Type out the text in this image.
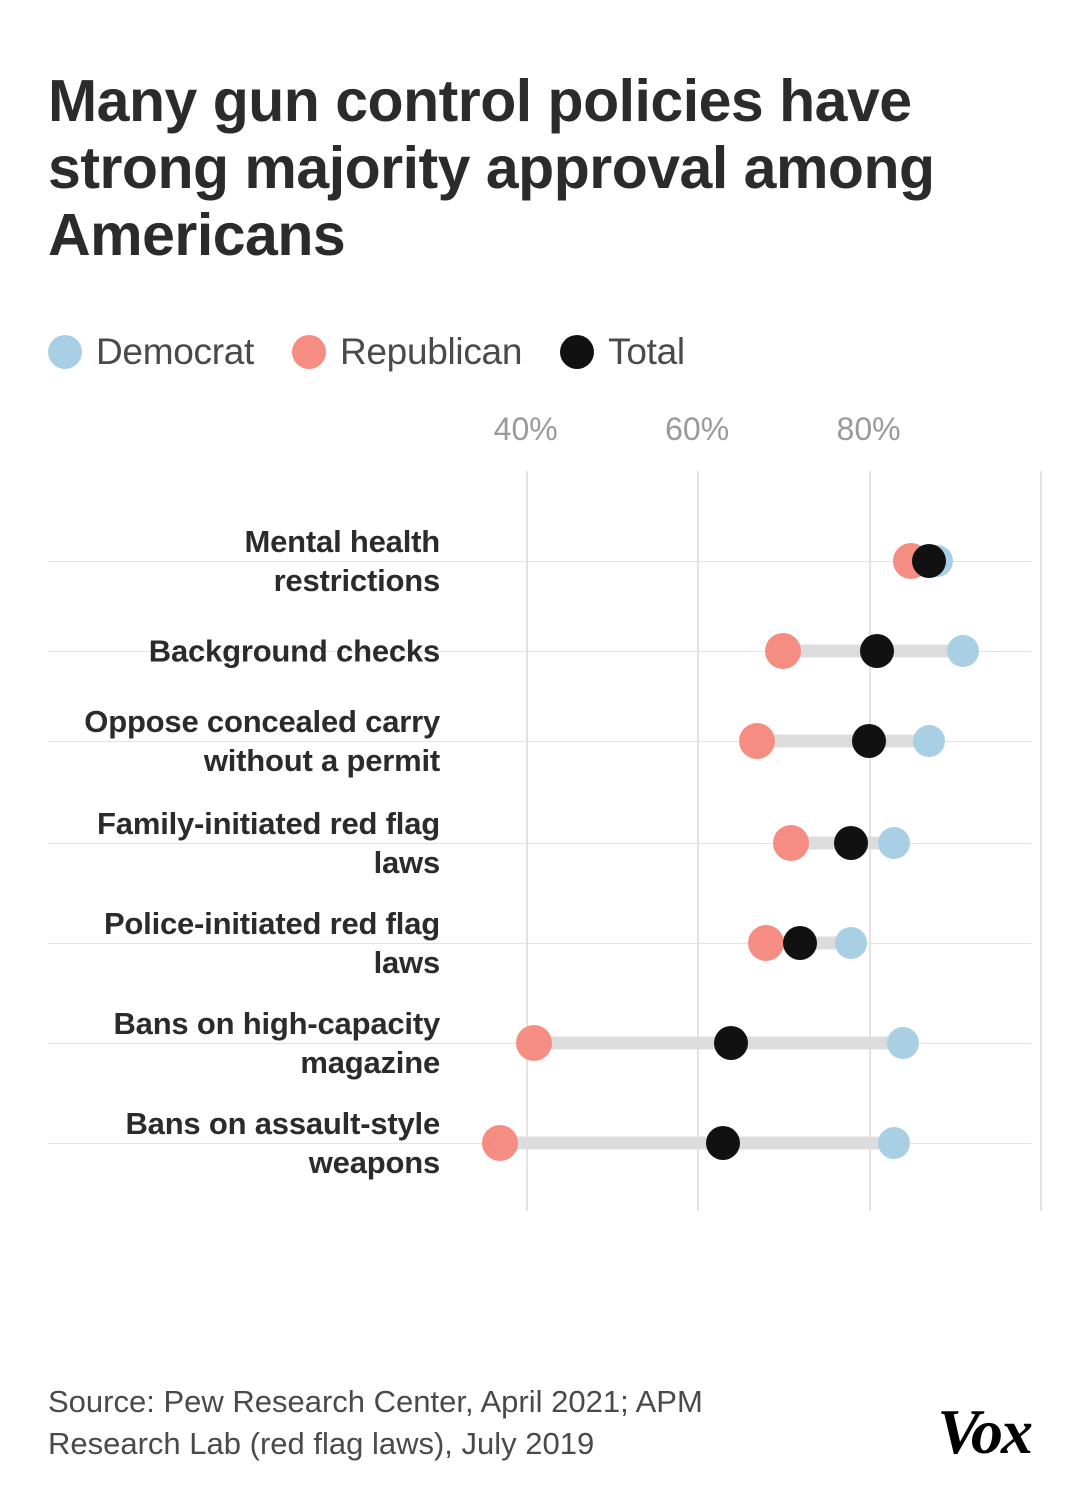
Many gun control policies have strong majority approval among Americans
Democrat Republican Total
40%	60%	80%
Mental health restrictions
Background checks
Oppose concealed carry without a permit
Family-initiated red flag laws
Police-initiated red flag laws
Bans on high-capacity magazine
Bans on assault-style weapons
Source: Pew Research Center, April 2021; APM Research Lab (red flag laws), July 2019	Vox
